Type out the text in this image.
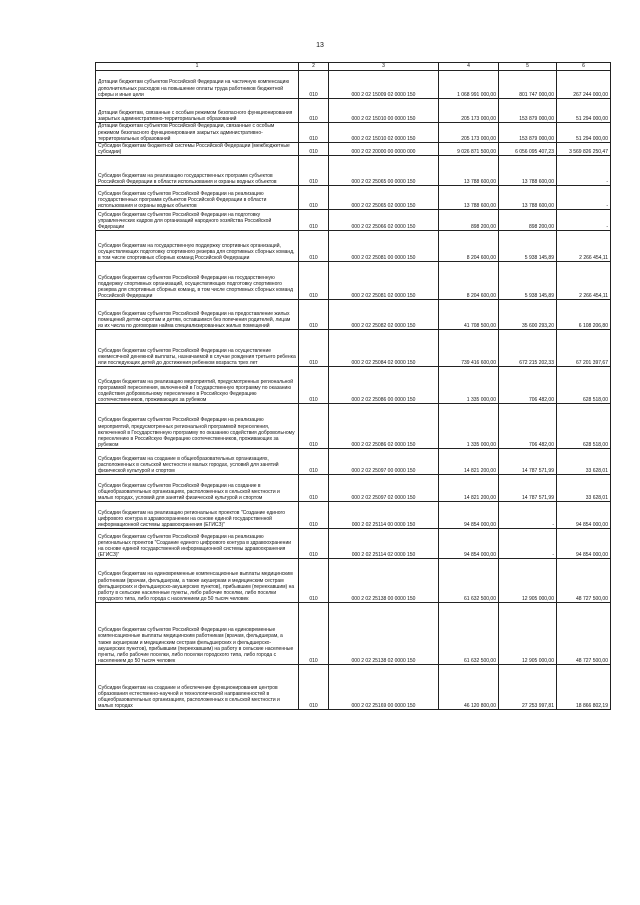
13
1	2	3	4	5	6
Дотации бюджетам субъектов Российской Федерации на частичную компенсацию дополнительных расходов на повышение оплаты труда работников бюджетной сферы и иные цели	010	000 2 02 15009 02 0000 150	1 068 991 000,00	801 747 000,00	267 244 000,00
Дотации бюджетам, связанные с особым режимом безопасного функционирования закрытых административно-территориальных образований	010	000 2 02 15010 00 0000 150	205 173 000,00	153 879 000,00	51 294 000,00
Дотации бюджетам субъектов Российской Федерации, связанные с особым режимом безопасного функционирования закрытых административно-территориальных образований	010	000 2 02 15010 02 0000 150	205 173 000,00	153 879 000,00	51 294 000,00
Субсидии бюджетам бюджетной системы Российской Федерации (межбюджетные субсидии)	010	000 2 02 20000 00 0000 000	9 026 871 500,00	6 056 095 407,23	3 569 826 250,47
Субсидии бюджетам на реализацию государственных программ субъектов Российской Федерации в области использования и охраны водных объектов	010	000 2 02 25065 00 0000 150	13 788 600,00	13 788 600,00	-
Субсидии бюджетам субъектов Российской Федерации на реализацию государственных программ субъектов Российской Федерации в области использования и охраны водных объектов	010	000 2 02 25065 02 0000 150	13 788 600,00	13 788 600,00	-
Субсидии бюджетам субъектов Российской Федерации на подготовку управленческих кадров для организаций народного хозяйства Российской Федерации	010	000 2 02 25066 02 0000 150	898 200,00	898 200,00	-
Субсидии бюджетам на государственную поддержку спортивных организаций, осуществляющих подготовку спортивного резерва для спортивных сборных команд, в том числе спортивных сборных команд Российской Федерации	010	000 2 02 25081 00 0000 150	8 204 600,00	5 938 145,89	2 266 454,11
Субсидии бюджетам субъектов Российской Федерации на государственную поддержку спортивных организаций, осуществляющих подготовку спортивного резерва для спортивных сборных команд, в том числе спортивных сборных команд Российской Федерации	010	000 2 02 25081 02 0000 150	8 204 600,00	5 938 145,89	2 266 454,11
Субсидии бюджетам субъектов Российской Федерации на предоставление жилых помещений детям-сиротам и детям, оставшимся без попечения родителей, лицам из их числа по договорам найма специализированных жилых помещений	010	000 2 02 25082 02 0000 150	41 708 500,00	35 600 293,20	6 108 206,80
Субсидии бюджетам субъектов Российской Федерации на осуществление ежемесячной денежной выплаты, назначаемой в случае рождения третьего ребенка или последующих детей до достижения ребенком возраста трех лет	010	000 2 02 25084 02 0000 150	739 416 600,00	672 215 202,33	67 201 397,67
Субсидии бюджетам на реализацию мероприятий, предусмотренных региональной программой переселения, включенной в Государственную программу по оказанию содействия добровольному переселению в Российскую Федерацию соотечественников, проживающих за рубежом	010	000 2 02 25086 00 0000 150	1 335 000,00	706 482,00	628 518,00
Субсидии бюджетам субъектов Российской Федерации на реализацию мероприятий, предусмотренных региональной программой переселения, включенной в Государственную программу по оказанию содействия добровольному переселению в Российскую Федерацию соотечественников, проживающих за рубежом	010	000 2 02 25086 02 0000 150	1 335 000,00	706 482,00	628 518,00
Субсидии бюджетам на создание в общеобразовательных организациях, расположенных в сельской местности и малых городах, условий для занятий физической культурой и спортом	010	000 2 02 25097 00 0000 150	14 821 200,00	14 787 571,99	33 628,01
Субсидии бюджетам субъектов Российской Федерации на создание в общеобразовательных организациях, расположенных в сельской местности и малых городах, условий для занятий физической культурой и спортом	010	000 2 02 25097 02 0000 150	14 821 200,00	14 787 571,99	33 628,01
Субсидии бюджетам на реализацию региональных проектов "Создание единого цифрового контура в здравоохранении на основе единой государственной информационной системы здравоохранения (ЕГИСЗ)"	010	000 2 02 25114 00 0000 150	94 854 000,00	-	94 854 000,00
Субсидии бюджетам субъектов Российской Федерации на реализацию региональных проектов "Создание единого цифрового контура в здравоохранении на основе единой государственной информационной системы здравоохранения (ЕГИСЗ)"	010	000 2 02 25114 02 0000 150	94 854 000,00	-	94 854 000,00
Субсидии бюджетам на единовременные компенсационные выплаты медицинским работникам (врачам, фельдшерам, а также акушеркам и медицинским сестрам фельдшерских и фельдшерско-акушерских пунктов), прибывшим (переехавшим) на работу в сельские населенные пункты, либо рабочие поселки, либо поселки городского типа, либо города с населением до 50 тысяч человек	010	000 2 02 25138 00 0000 150	61 632 500,00	12 905 000,00	48 727 500,00
Субсидии бюджетам субъектов Российской Федерации на единовременные компенсационные выплаты медицинским работникам (врачам, фельдшерам, а также акушеркам и медицинским сестрам фельдшерских и фельдшерско-акушерских пунктов), прибывшим (переехавшим) на работу в сельские населенные пункты, либо рабочие поселки, либо поселки городского типа, либо города с населением до 50 тысяч человек	010	000 2 02 25138 02 0000 150	61 632 500,00	12 905 000,00	48 727 500,00
Субсидии бюджетам на создание и обеспечение функционирования центров образования естественно-научной и технологической направленностей в общеобразовательных организациях, расположенных в сельской местности и малых городах	010	000 2 02 25169 00 0000 150	46 120 800,00	27 253 997,81	18 866 802,19
